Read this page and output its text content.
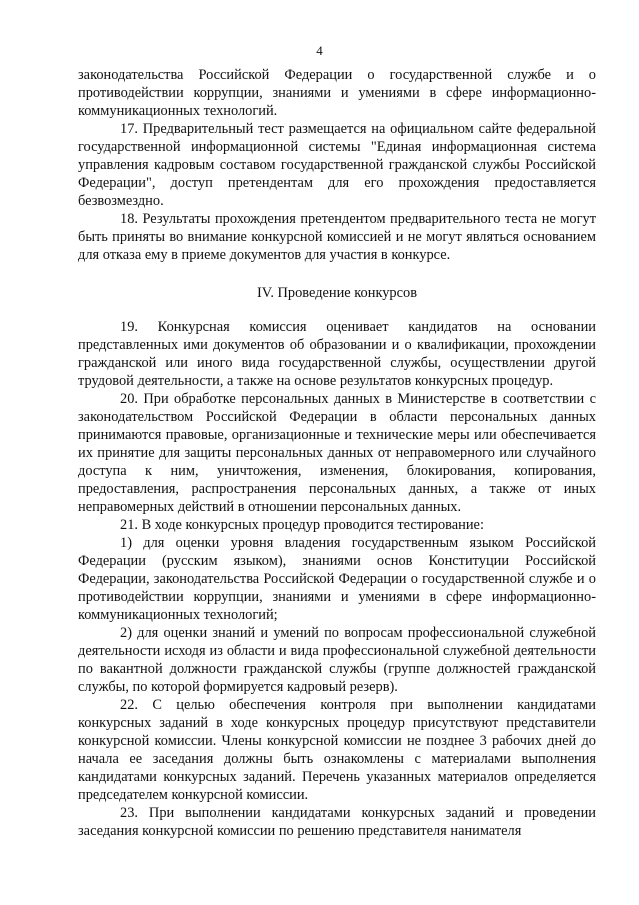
4

законодательства Российской Федерации о государственной службе и о противодействии коррупции, знаниями и умениями в сфере информационно-коммуникационных технологий.

17. Предварительный тест размещается на официальном сайте федеральной государственной информационной системы "Единая информационная система управления кадровым составом государственной гражданской службы Российской Федерации", доступ претендентам для его прохождения предоставляется безвозмездно.

18. Результаты прохождения претендентом предварительного теста не могут быть приняты во внимание конкурсной комиссией и не могут являться основанием для отказа ему в приеме документов для участия в конкурсе.

IV. Проведение конкурсов

19. Конкурсная комиссия оценивает кандидатов на основании представленных ими документов об образовании и о квалификации, прохождении гражданской или иного вида государственной службы, осуществлении другой трудовой деятельности, а также на основе результатов конкурсных процедур.

20. При обработке персональных данных в Министерстве в соответствии с законодательством Российской Федерации в области персональных данных принимаются правовые, организационные и технические меры или обеспечивается их принятие для защиты персональных данных от неправомерного или случайного доступа к ним, уничтожения, изменения, блокирования, копирования, предоставления, распространения персональных данных, а также от иных неправомерных действий в отношении персональных данных.

21. В ходе конкурсных процедур проводится тестирование:

1) для оценки уровня владения государственным языком Российской Федерации (русским языком), знаниями основ Конституции Российской Федерации, законодательства Российской Федерации о государственной службе и о противодействии коррупции, знаниями и умениями в сфере информационно-коммуникационных технологий;

2) для оценки знаний и умений по вопросам профессиональной служебной деятельности исходя из области и вида профессиональной служебной деятельности по вакантной должности гражданской службы (группе должностей гражданской службы, по которой формируется кадровый резерв).

22. С целью обеспечения контроля при выполнении кандидатами конкурсных заданий в ходе конкурсных процедур присутствуют представители конкурсной комиссии. Члены конкурсной комиссии не позднее 3 рабочих дней до начала ее заседания должны быть ознакомлены с материалами выполнения кандидатами конкурсных заданий. Перечень указанных материалов определяется председателем конкурсной комиссии.

23. При выполнении кандидатами конкурсных заданий и проведении заседания конкурсной комиссии по решению представителя нанимателя
